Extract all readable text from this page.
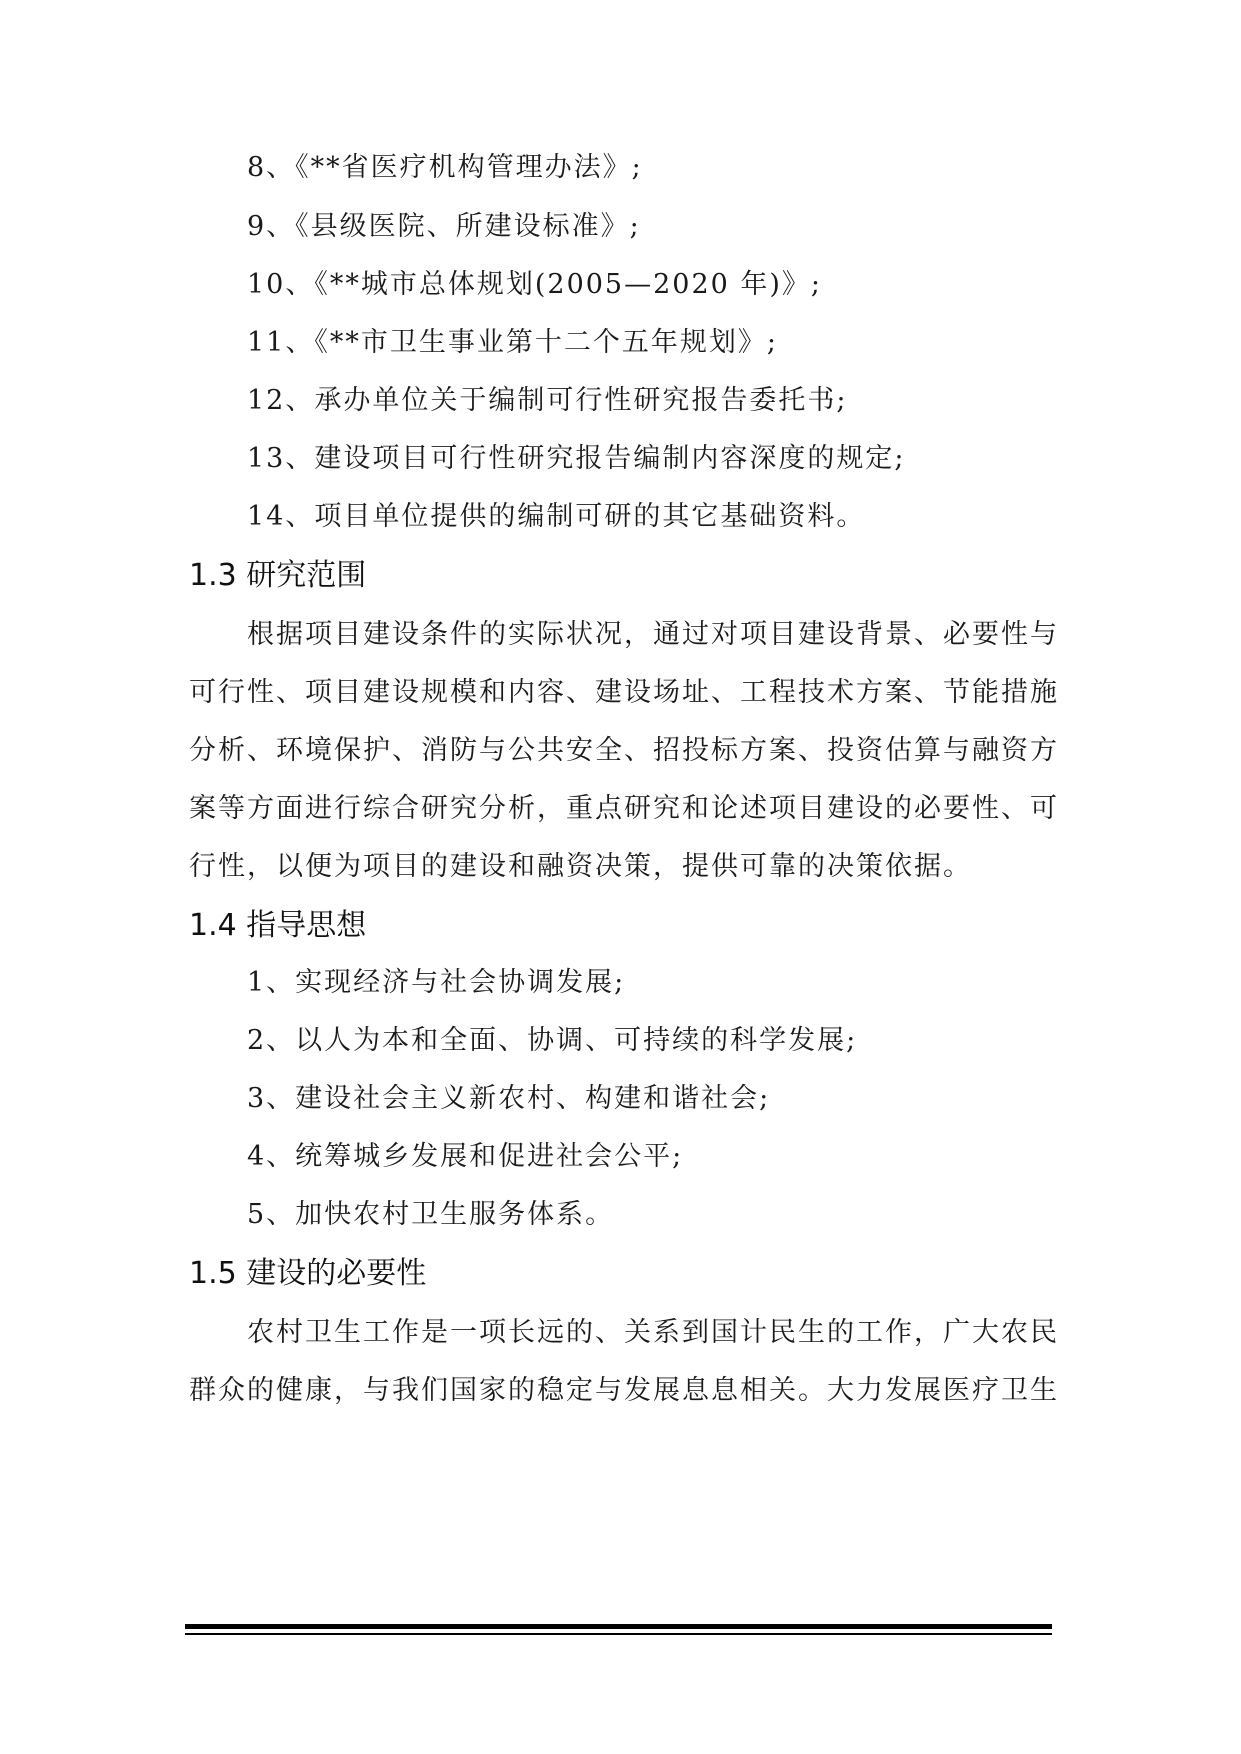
8、《**省医疗机构管理办法》;
9、《县级医院、所建设标准》;
10、《**城市总体规划(2005—2020 年)》;
11、《**市卫生事业第十二个五年规划》;
12、承办单位关于编制可行性研究报告委托书;
13、建设项目可行性研究报告编制内容深度的规定;
14、项目单位提供的编制可研的其它基础资料。
1.3 研究范围
根据项目建设条件的实际状况，通过对项目建设背景、必要性与
可行性、项目建设规模和内容、建设场址、工程技术方案、节能措施
分析、环境保护、消防与公共安全、招投标方案、投资估算与融资方
案等方面进行综合研究分析，重点研究和论述项目建设的必要性、可
行性，以便为项目的建设和融资决策，提供可靠的决策依据。
1.4 指导思想
1、实现经济与社会协调发展;
2、以人为本和全面、协调、可持续的科学发展;
3、建设社会主义新农村、构建和谐社会;
4、统筹城乡发展和促进社会公平;
5、加快农村卫生服务体系。
1.5 建设的必要性
农村卫生工作是一项长远的、关系到国计民生的工作，广大农民
群众的健康，与我们国家的稳定与发展息息相关。大力发展医疗卫生
